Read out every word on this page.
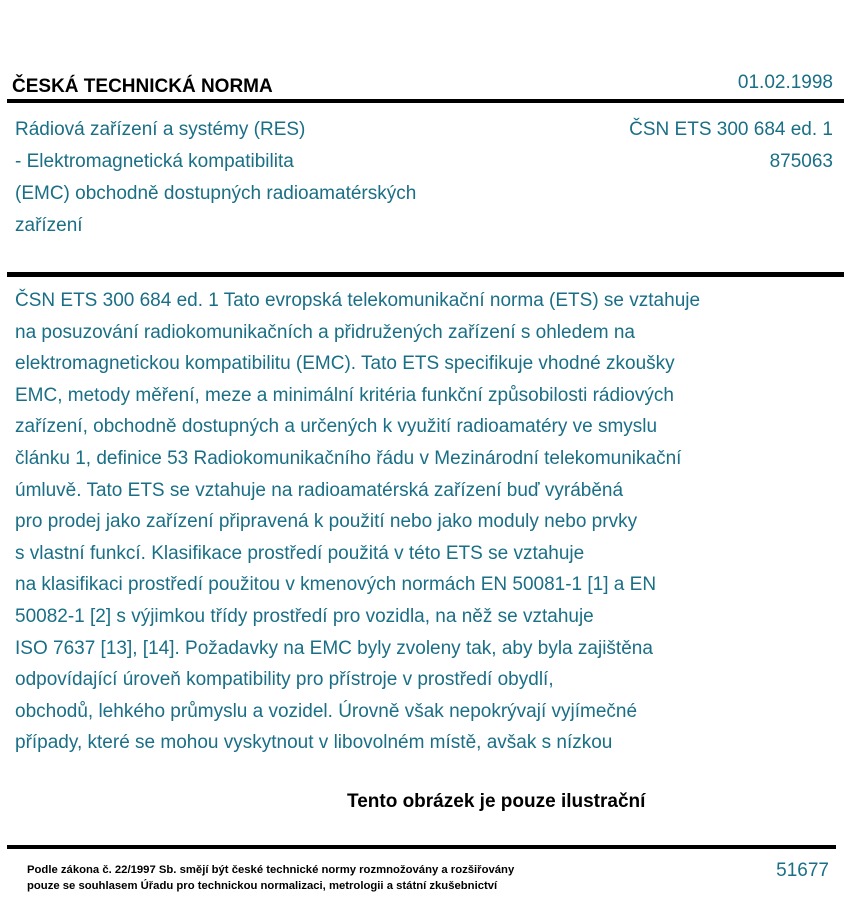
ČESKÁ TECHNICKÁ NORMA	01.02.1998
Rádiová zařízení a systémy (RES)
- Elektromagnetická kompatibilita
(EMC) obchodně dostupných radioamatérských
zařízení
ČSN ETS 300 684 ed. 1
875063
ČSN ETS 300 684 ed. 1 Tato evropská telekomunikační norma (ETS) se vztahuje
na posuzování radiokomunikačních a přidružených zařízení s ohledem na
elektromagnetickou kompatibilitu (EMC). Tato ETS specifikuje vhodné zkoušky
EMC, metody měření, meze a minimální kritéria funkční způsobilosti rádiových
zařízení, obchodně dostupných a určených k využití radioamatéry ve smyslu
článku 1, definice 53 Radiokomunikačního řádu v Mezinárodní telekomunikační
úmluvě. Tato ETS se vztahuje na radioamatérská zařízení buď vyráběná
pro prodej jako zařízení připravená k použití nebo jako moduly nebo prvky
s vlastní funkcí. Klasifikace prostředí použitá v této ETS se vztahuje
na klasifikaci prostředí použitou v kmenových normách EN 50081-1 [1] a EN
50082-1 [2] s výjimkou třídy prostředí pro vozidla, na něž se vztahuje
ISO 7637 [13], [14]. Požadavky na EMC byly zvoleny tak, aby byla zajištěna
odpovídající úroveň kompatibility pro přístroje v prostředí obydlí,
obchodů, lehkého průmyslu a vozidel. Úrovně však nepokrývají vyjímečné
případy, které se mohou vyskytnout v libovolném místě, avšak s nízkou
Tento obrázek je pouze ilustrační
Podle zákona č. 22/1997 Sb. smějí být české technické normy rozmnožovány a rozšiřovány
pouze se souhlasem Úřadu pro technickou normalizaci, metrologii a státní zkušebnictví
51677
